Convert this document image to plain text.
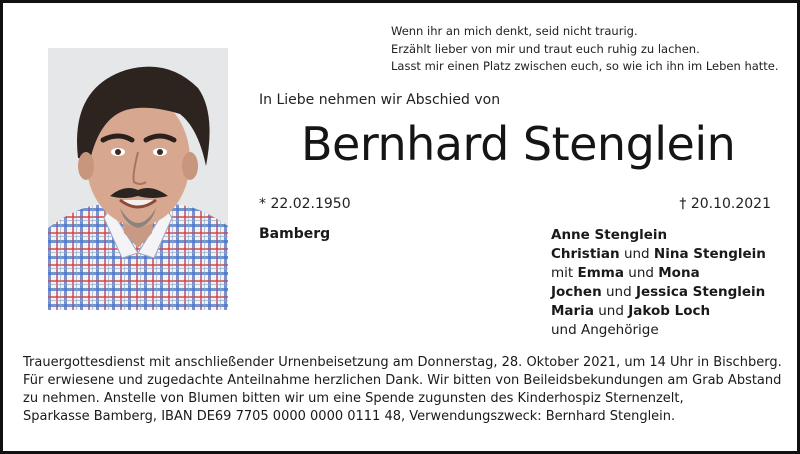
Wenn ihr an mich denkt, seid nicht traurig.
Erzählt lieber von mir und traut euch ruhig zu lachen.
Lasst mir einen Platz zwischen euch, so wie ich ihn im Leben hatte.
In Liebe nehmen wir Abschied von
Bernhard Stenglein
* 22.02.1950	† 20.10.2021
Bamberg	Anne Stenglein
Christian und Nina Stenglein
mit Emma und Mona
Jochen und Jessica Stenglein
Maria und Jakob Loch
und Angehörige
Trauergottesdienst mit anschließender Urnenbeisetzung am Donnerstag, 28. Oktober 2021, um 14 Uhr in Bischberg.
Für erwiesene und zugedachte Anteilnahme herzlichen Dank. Wir bitten von Beileidsbekundungen am Grab Abstand
zu nehmen. Anstelle von Blumen bitten wir um eine Spende zugunsten des Kinderhospiz Sternenzelt,
Sparkasse Bamberg, IBAN DE69 7705 0000 0000 0111 48, Verwendungszweck: Bernhard Stenglein.
